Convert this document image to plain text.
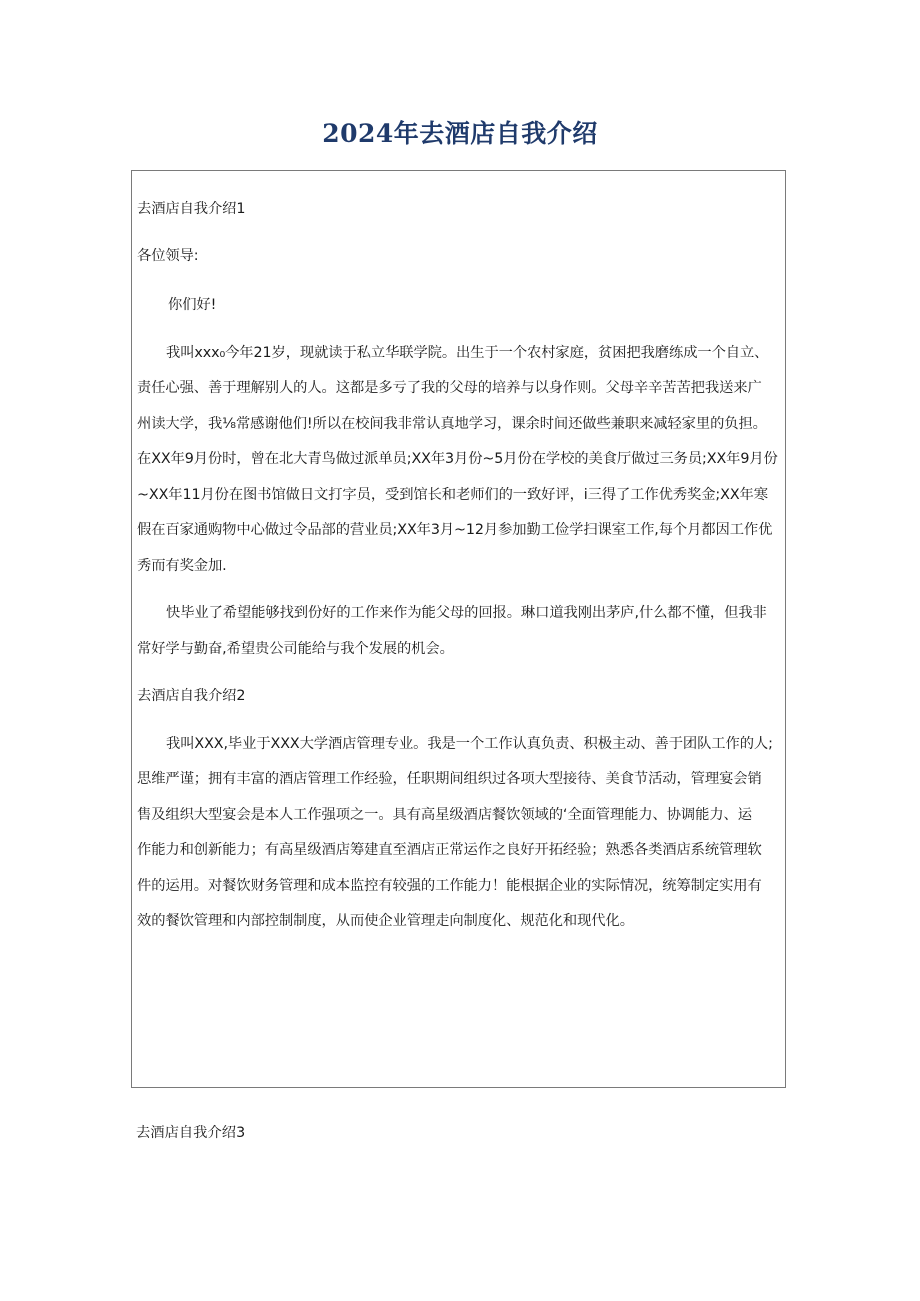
2024年去酒店自我介绍

去酒店自我介绍1

各位领导:

你们好!

我叫xxx₀今年21岁，现就读于私立华联学院。出生于一个农村家庭，贫困把我磨练成一个自立、

责任心强、善于理解别人的人。这都是多亏了我的父母的培养与以身作则。父母辛辛苦苦把我送来广

州读大学，我⅛常感谢他们!所以在校间我非常认真地学习，课余时间还做些兼职来减轻家里的负担。

在XX年9月份时，曾在北大青鸟做过派单员;XX年3月份~5月份在学校的美食厅做过三务员;XX年9月份

~XX年11月份在图书馆做日文打字员，受到馆长和老师们的一致好评，i三得了工作优秀奖金;XX年寒

假在百家通购物中心做过令品部的营业员;XX年3月~12月参加勤工俭学扫课室工作,每个月都因工作优

秀而有奖金加.

快毕业了希望能够找到份好的工作来作为能父母的回报。琳口道我刚出茅庐,什么都不懂，但我非

常好学与勤奋,希望贵公司能给与我个发展的机会。

去酒店自我介绍2

我叫XXX,毕业于XXX大学酒店管理专业。我是一个工作认真负责、积极主动、善于团队工作的人;

思维严谨；拥有丰富的酒店管理工作经验，任职期间组织过各项大型接待、美食节活动，管理宴会销

售及组织大型宴会是本人工作强项之一。具有高星级酒店餐饮领域的‘全面管理能力、协调能力、运

作能力和创新能力；有高星级酒店筹建直至酒店正常运作之良好开拓经验；熟悉各类酒店系统管理软

件的运用。对餐饮财务管理和成本监控有较强的工作能力！能根据企业的实际情况，统筹制定实用有

效的餐饮管理和内部控制制度，从而使企业管理走向制度化、规范化和现代化。

去酒店自我介绍3
